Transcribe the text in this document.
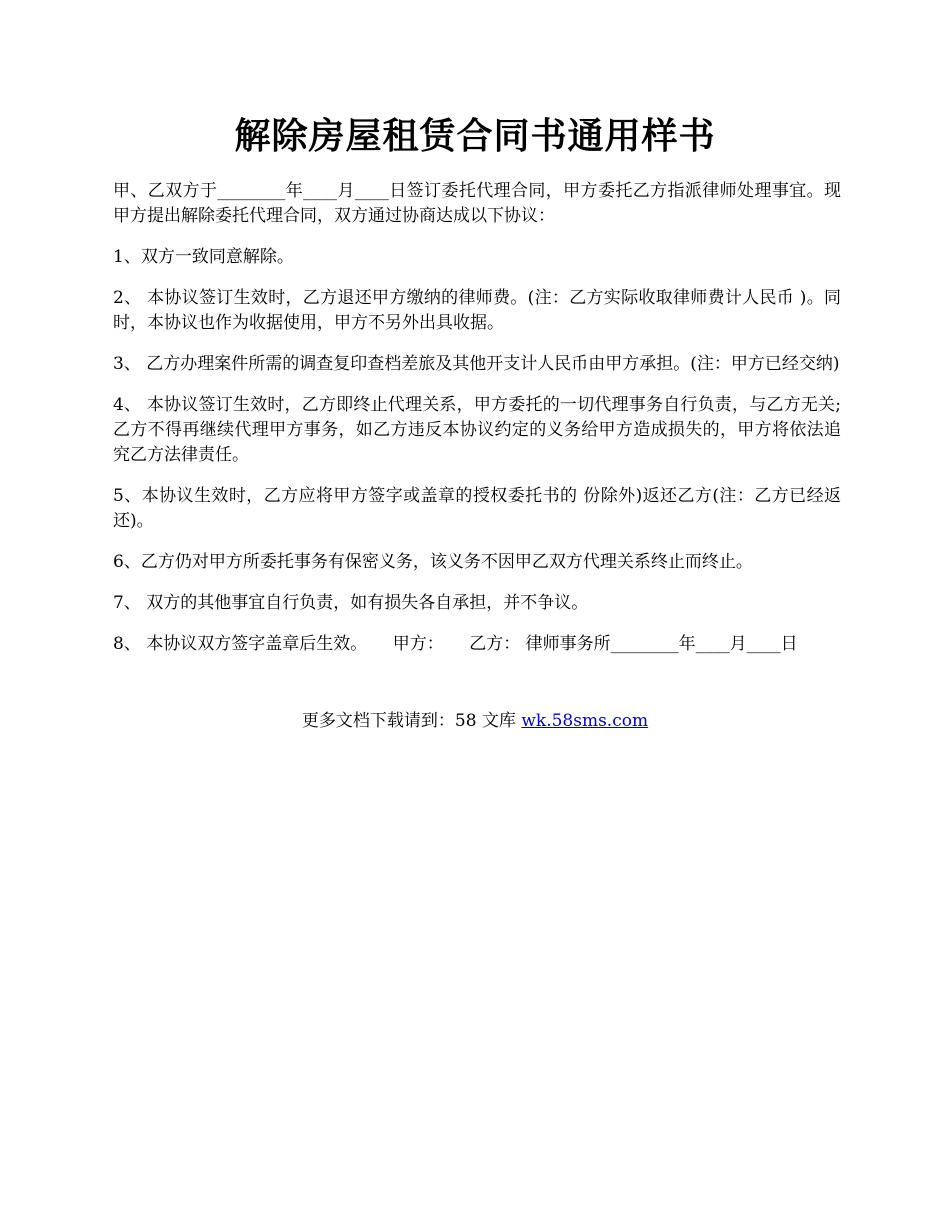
解除房屋租赁合同书通用样书

甲、乙双方于________年____月____日签订委托代理合同，甲方委托乙方指派律师处理事宜。现甲方提出解除委托代理合同，双方通过协商达成以下协议：

1、双方一致同意解除。

2、 本协议签订生效时，乙方退还甲方缴纳的律师费。(注：乙方实际收取律师费计人民币 )。同时，本协议也作为收据使用，甲方不另外出具收据。

3、 乙方办理案件所需的调查复印查档差旅及其他开支计人民币由甲方承担。(注：甲方已经交纳)

4、 本协议签订生效时，乙方即终止代理关系，甲方委托的一切代理事务自行负责，与乙方无关;乙方不得再继续代理甲方事务，如乙方违反本协议约定的义务给甲方造成损失的，甲方将依法追究乙方法律责任。

5、本协议生效时，乙方应将甲方签字或盖章的授权委托书的 份除外)返还乙方(注：乙方已经返还)。

6、乙方仍对甲方所委托事务有保密义务，该义务不因甲乙双方代理关系终止而终止。

7、 双方的其他事宜自行负责，如有损失各自承担，并不争议。

8、 本协议双方签字盖章后生效。　　甲方：　　乙方： 律师事务所________年____月____日

更多文档下载请到：58 文库 wk.58sms.com
